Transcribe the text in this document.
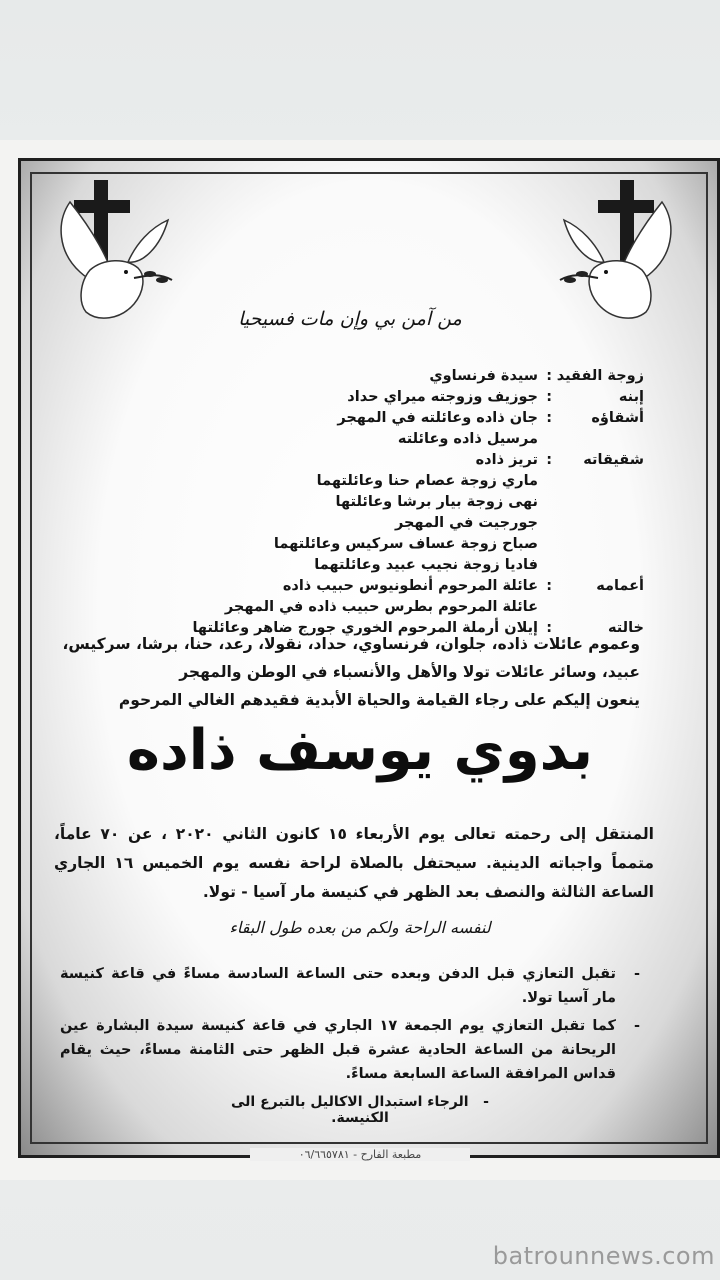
من آمن بي وإن مات فسيحيا
زوجة الفقيد
:
سيدة فرنساوي
إبنه
:
جوزيف وزوجته ميراي حداد
أشقاؤه
:
جان ذاده وعائلته في المهجر
مرسيل ذاده وعائلته
شقيقاته
:
تريز ذاده
ماري زوجة عصام حنا وعائلتهما
نهى زوجة بيار برشا وعائلتها
جورجيت في المهجر
صباح زوجة عساف سركيس وعائلتهما
فاديا زوجة نجيب عبيد وعائلتهما
أعمامه
:
عائلة المرحوم أنطونيوس حبيب ذاده
عائلة المرحوم بطرس حبيب ذاده في المهجر
خالته
:
إيلان أرملة المرحوم الخوري جورج ضاهر وعائلتها
وعموم عائلات ذاده، جلوان، فرنساوي، حداد، نقولا، رعد، حنا، برشا، سركيس،
عبيد، وسائر عائلات تولا والأهل والأنسباء في الوطن والمهجر
ينعون إليكم على رجاء القيامة والحياة الأبدية فقيدهم الغالي المرحوم
بدوي يوسف ذاده
المنتقل إلى رحمته تعالى يوم الأربعاء ١٥ كانون الثاني ٢٠٢٠ ، عن ٧٠ عاماً، متمماً واجباته الدينية. سيحتفل بالصلاة لراحة نفسه يوم الخميس ١٦ الجاري الساعة الثالثة والنصف بعد الظهر في كنيسة مار آسيا - تولا.
لنفسه الراحة ولكم من بعده طول البقاء
-
تقبل التعازي قبل الدفن وبعده حتى الساعة السادسة مساءً في قاعة كنيسة مار آسيا تولا.
-
كما تقبل التعازي يوم الجمعة ١٧ الجاري في قاعة كنيسة سيدة البشارة عين الريحانة من الساعة الحادية عشرة قبل الظهر حتى الثامنة مساءً، حيث يقام قداس المرافقة الساعة السابعة مساءً.
-   الرجاء استبدال الاكاليل بالتبرع الى الكنيسة.
مطبعة الفارح - ٠٦/٦٦٥٧٨١
batrounnews.com
